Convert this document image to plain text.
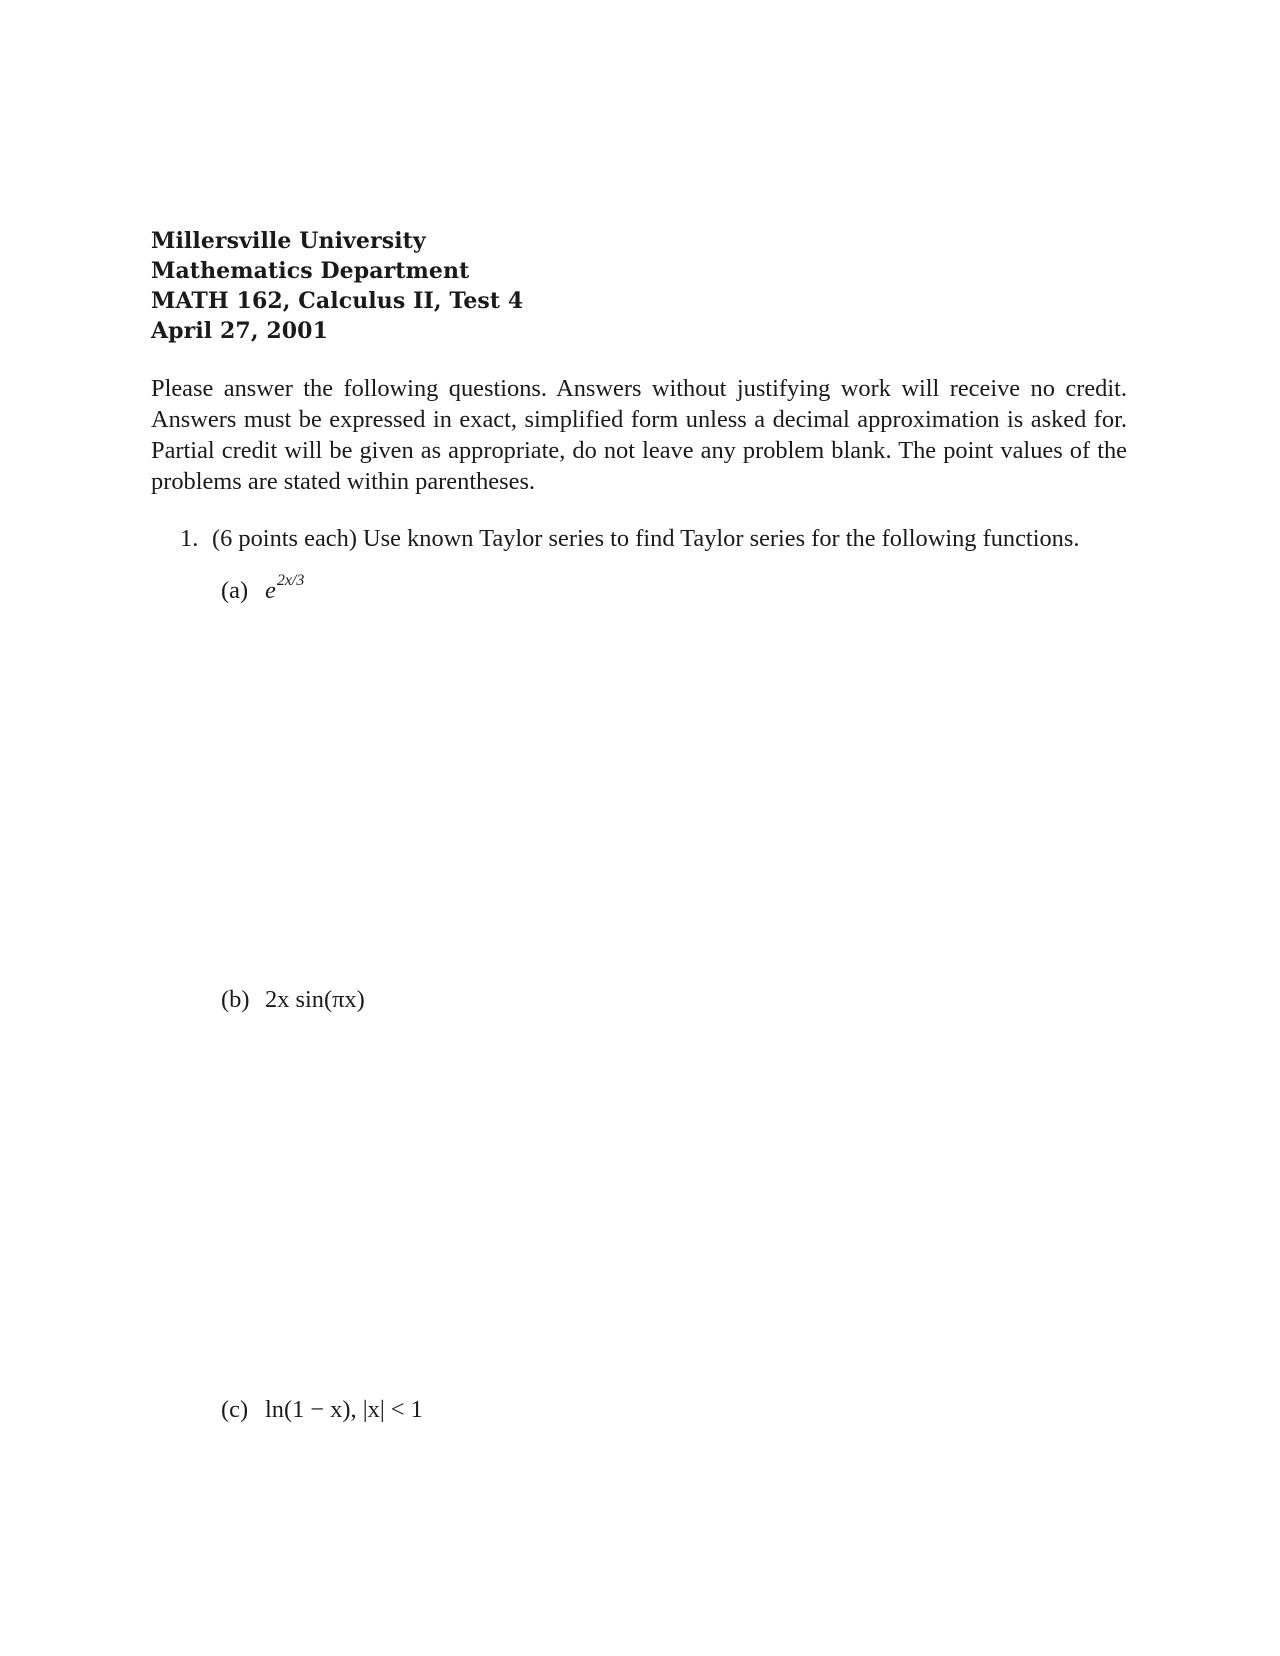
Millersville University
Mathematics Department
MATH 162, Calculus II, Test 4
April 27, 2001
Please answer the following questions. Answers without justifying work will receive no credit. Answers must be expressed in exact, simplified form unless a decimal approximation is asked for. Partial credit will be given as appropriate, do not leave any problem blank. The point values of the problems are stated within parentheses.
1. (6 points each) Use known Taylor series to find Taylor series for the following functions.
(a) $e^{2x/3}$
(b) 2x sin(πx)
(c) ln(1 − x), |x| < 1
